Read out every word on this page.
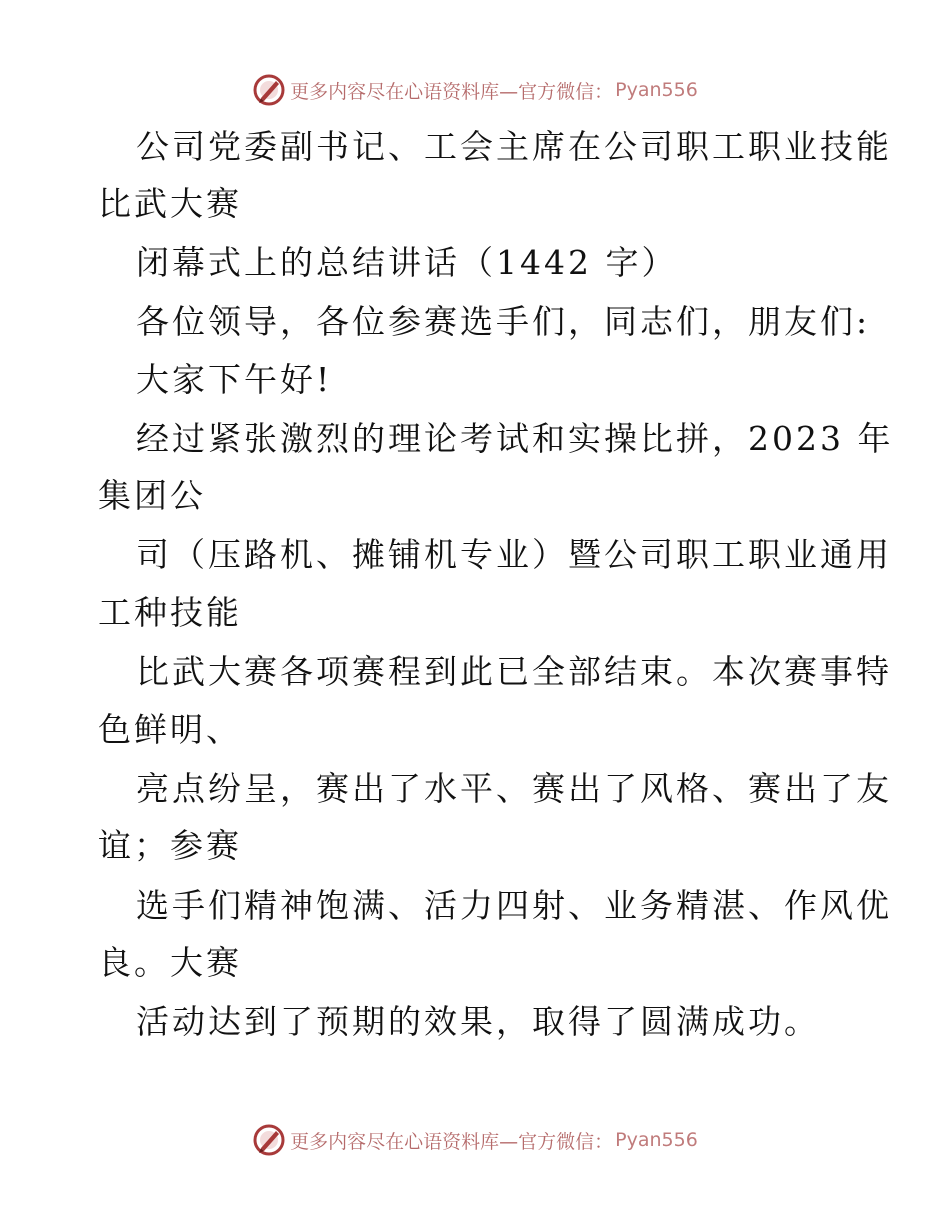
更多内容尽在心语资料库—官方微信： Pyan556
公司党委副书记、工会主席在公司职工职业技能
比武大赛
闭幕式上的总结讲话（1442 字）
各位领导，各位参赛选手们，同志们，朋友们:
大家下午好!
经过紧张激烈的理论考试和实操比拼，2023 年
集团公
司（压路机、摊铺机专业）暨公司职工职业通用
工种技能
比武大赛各项赛程到此已全部结束。本次赛事特
色鲜明、
亮点纷呈，赛出了水平、赛出了风格、赛出了友
谊；参赛
选手们精神饱满、活力四射、业务精湛、作风优
良。大赛
活动达到了预期的效果，取得了圆满成功。
更多内容尽在心语资料库—官方微信： Pyan556
